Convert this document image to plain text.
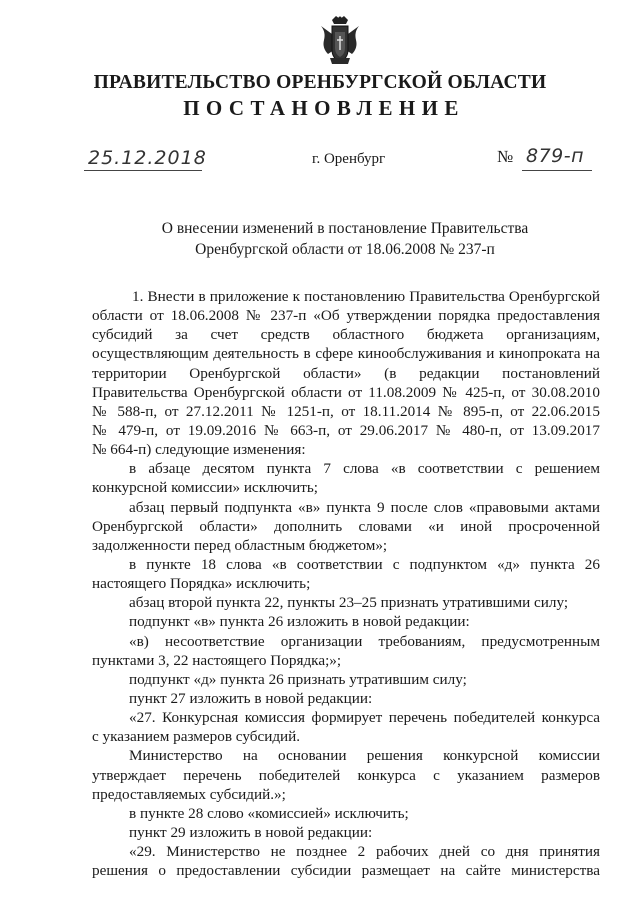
ПРАВИТЕЛЬСТВО ОРЕНБУРГСКОЙ ОБЛАСТИ
ПОСТАНОВЛЕНИЕ
25.12.2018	г. Оренбург	№ 879-п
О внесении изменений в постановление Правительства
Оренбургской области от 18.06.2008 № 237-п
1. Внести в приложение к постановлению Правительства Оренбургской
области от 18.06.2008 № 237-п «Об утверждении порядка предоставления
субсидий за счет средств областного бюджета организациям,
осуществляющим деятельность в сфере кинообслуживания и кинопроката на
территории Оренбургской области» (в редакции постановлений
Правительства Оренбургской области от 11.08.2009 № 425-п, от 30.08.2010
№ 588-п, от 27.12.2011 № 1251-п, от 18.11.2014 № 895-п, от 22.06.2015
№ 479-п, от 19.09.2016 № 663-п, от 29.06.2017 № 480-п, от 13.09.2017
№ 664-п) следующие изменения:
в абзаце десятом пункта 7 слова «в соответствии с решением
конкурсной комиссии» исключить;
абзац первый подпункта «в» пункта 9 после слов «правовыми актами
Оренбургской области» дополнить словами «и иной просроченной
задолженности перед областным бюджетом»;
в пункте 18 слова «в соответствии с подпунктом «д» пункта 26
настоящего Порядка» исключить;
абзац второй пункта 22, пункты 23–25 признать утратившими силу;
подпункт «в» пункта 26 изложить в новой редакции:
«в) несоответствие организации требованиям, предусмотренным
пунктами 3, 22 настоящего Порядка;»;
подпункт «д» пункта 26 признать утратившим силу;
пункт 27 изложить в новой редакции:
«27. Конкурсная комиссия формирует перечень победителей конкурса
с указанием размеров субсидий.
Министерство на основании решения конкурсной комиссии
утверждает перечень победителей конкурса с указанием размеров
предоставляемых субсидий.»;
в пункте 28 слово «комиссией» исключить;
пункт 29 изложить в новой редакции:
«29. Министерство не позднее 2 рабочих дней со дня принятия
решения о предоставлении субсидии размещает на сайте министерства
